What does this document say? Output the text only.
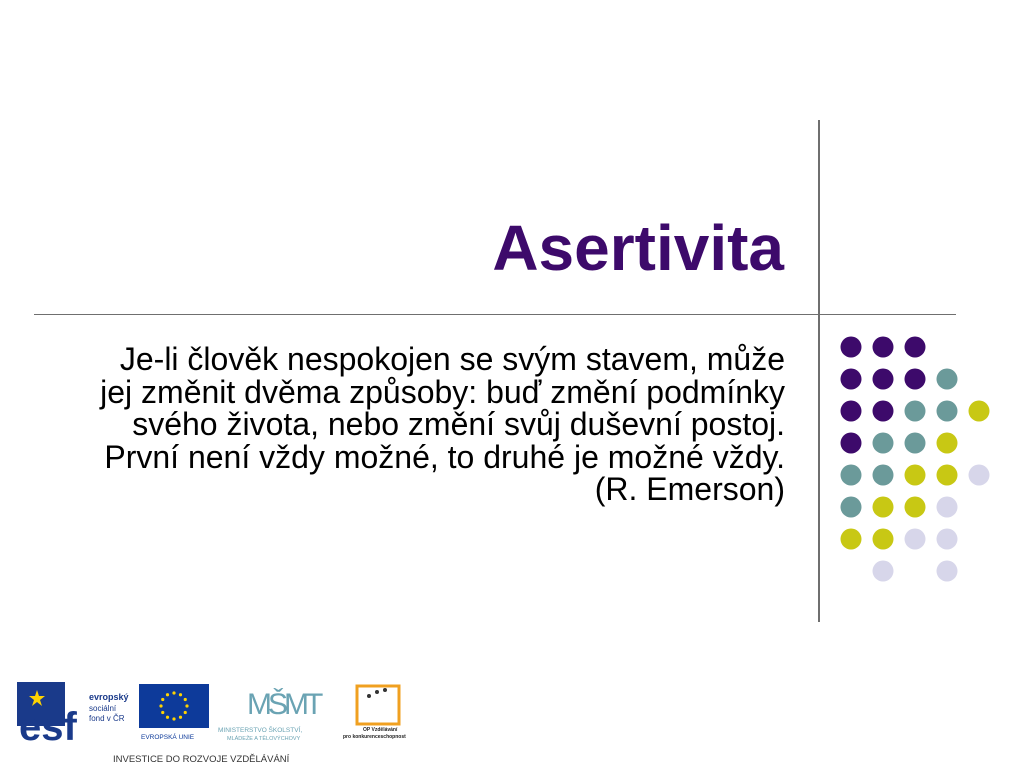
Asertivita
Je-li člověk nespokojen se svým stavem, může jej změnit dvěma způsoby: buď změní podmínky svého života, nebo změní svůj duševní postoj. První není vždy možné, to druhé je možné vždy. (R. Emerson)
esf
evropský
sociální
fond v ČR
EVROPSKÁ UNIE
MŠMT
MINISTERSTVO ŠKOLSTVÍ,
MLÁDEŽE A TĚLOVÝCHOVY
OP Vzdělávání
pro konkurenceschopnost
INVESTICE DO ROZVOJE VZDĚLÁVÁNÍ
